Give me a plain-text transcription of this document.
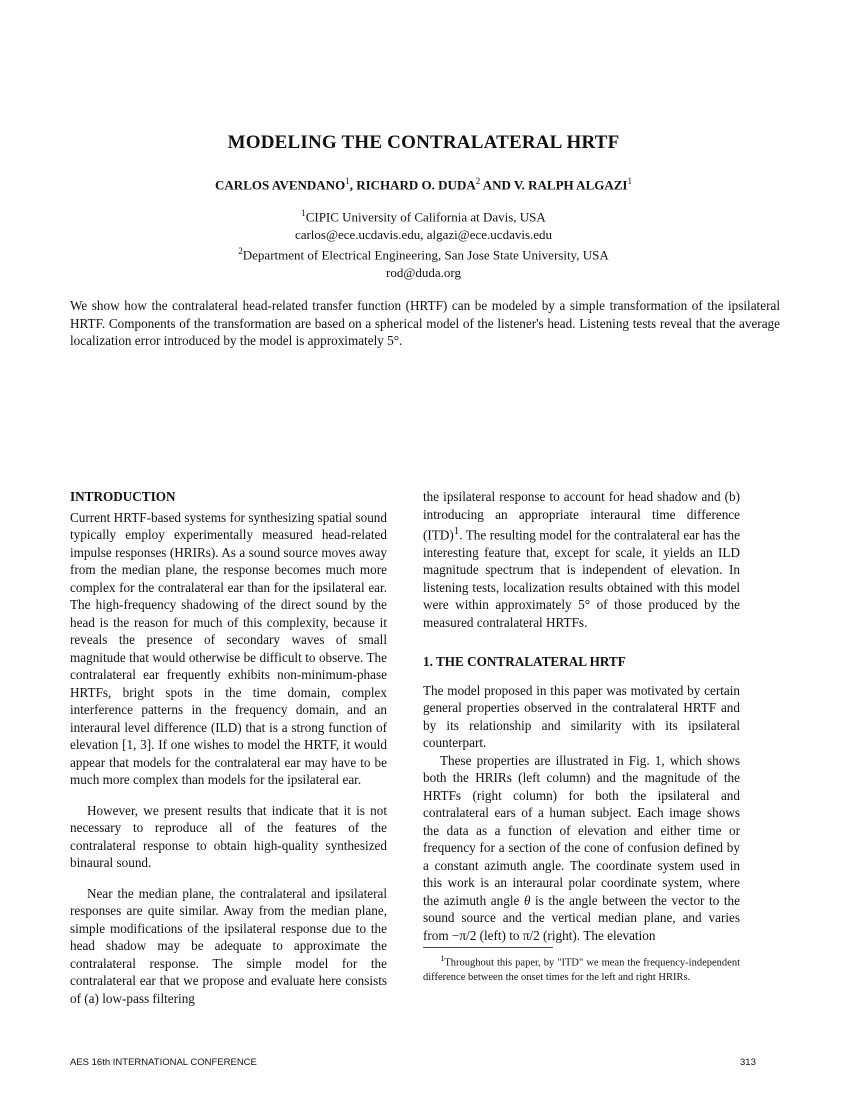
MODELING THE CONTRALATERAL HRTF
CARLOS AVENDANO$^1$, RICHARD O. DUDA$^2$ AND V. RALPH ALGAZI$^1$
$^1$CIPIC University of California at Davis, USA
carlos@ece.ucdavis.edu, algazi@ece.ucdavis.edu
$^2$Department of Electrical Engineering, San Jose State University, USA
rod@duda.org
We show how the contralateral head-related transfer function (HRTF) can be modeled by a simple transformation of the ipsilateral HRTF. Components of the transformation are based on a spherical model of the listener's head. Listening tests reveal that the average localization error introduced by the model is approximately 5°.
INTRODUCTION

Current HRTF-based systems for synthesizing spatial sound typically employ experimentally measured head-related impulse responses (HRIRs). As a sound source moves away from the median plane, the response becomes much more complex for the contralateral ear than for the ipsilateral ear. The high-frequency shadowing of the direct sound by the head is the reason for much of this complexity, because it reveals the presence of secondary waves of small magnitude that would otherwise be difficult to observe. The contralateral ear frequently exhibits non-minimum-phase HRTFs, bright spots in the time domain, complex interference patterns in the frequency domain, and an interaural level difference (ILD) that is a strong function of elevation [1, 3]. If one wishes to model the HRTF, it would appear that models for the contralateral ear may have to be much more complex than models for the ipsilateral ear.

However, we present results that indicate that it is not necessary to reproduce all of the features of the contralateral response to obtain high-quality synthesized binaural sound.

Near the median plane, the contralateral and ipsilateral responses are quite similar. Away from the median plane, simple modifications of the ipsilateral response due to the head shadow may be adequate to approximate the contralateral response. The simple model for the contralateral ear that we propose and evaluate here consists of (a) low-pass filtering

the ipsilateral response to account for head shadow and (b) introducing an appropriate interaural time difference (ITD)$^1$. The resulting model for the contralateral ear has the interesting feature that, except for scale, it yields an ILD magnitude spectrum that is independent of elevation. In listening tests, localization results obtained with this model were within approximately 5° of those produced by the measured contralateral HRTFs.

1. THE CONTRALATERAL HRTF

The model proposed in this paper was motivated by certain general properties observed in the contralateral HRTF and by its relationship and similarity with its ipsilateral counterpart.

These properties are illustrated in Fig. 1, which shows both the HRIRs (left column) and the magnitude of the HRTFs (right column) for both the ipsilateral and contralateral ears of a human subject. Each image shows the data as a function of elevation and either time or frequency for a section of the cone of confusion defined by a constant azimuth angle. The coordinate system used in this work is an interaural polar coordinate system, where the azimuth angle θ is the angle between the vector to the sound source and the vertical median plane, and varies from −π/2 (left) to π/2 (right). The elevation

$^1$Throughout this paper, by "ITD" we mean the frequency-independent difference between the onset times for the left and right HRIRs.

AES 16th INTERNATIONAL CONFERENCE	313
